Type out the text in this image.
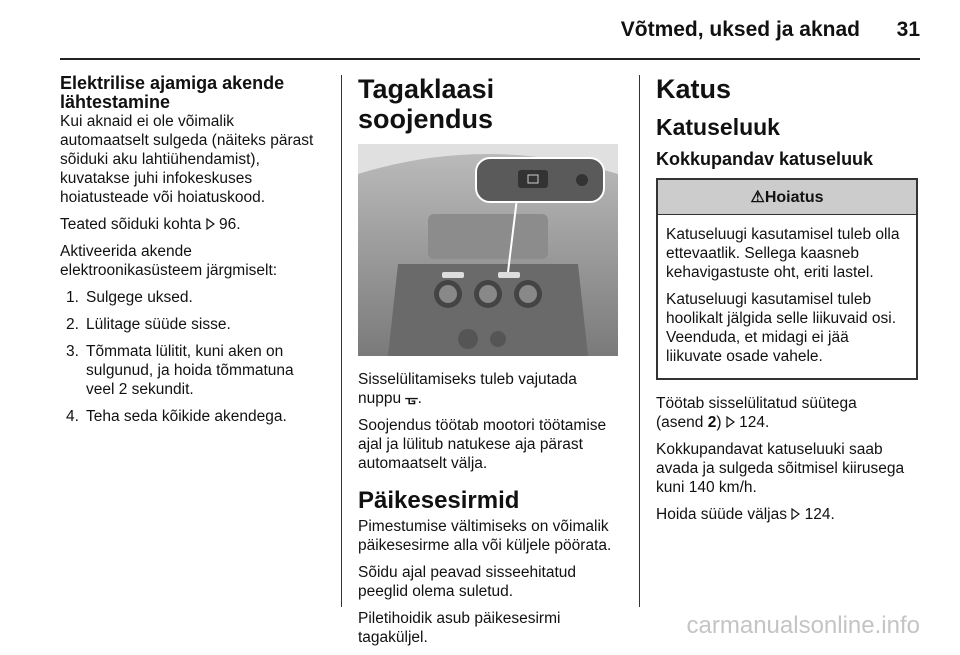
Võtmed, uksed ja aknad	31
Elektrilise ajamiga akende
lähtestamine

Kui aknaid ei ole võimalik
automaatselt sulgeda (näiteks pärast
sõiduki aku lahtiühendamist),
kuvatakse juhi infokeskuses
hoiatusteade või hoiatuskood.

Teated sõiduki kohta 96.

Aktiveerida akende
elektroonikasüsteem järgmiselt:

1. Sulgege uksed.
2. Lülitage süüde sisse.
3. Tõmmata lülitit, kuni aken on
sulgunud, ja hoida tõmmatuna
veel 2 sekundit.
4. Teha seda kõikide akendega.
Tagaklaasi soojendus

Sisselülitamiseks tuleb vajutada
nuppu ᚗ.

Soojendus töötab mootori töötamise
ajal ja lülitub natukese aja pärast
automaatselt välja.

Päikesesirmid

Pimestumise vältimiseks on võimalik
päikesesirme alla või küljele pöörata.

Sõidu ajal peavad sisseehitatud
peeglid olema suletud.

Piletihoidik asub päikesesirmi
tagaküljel.

Katus
Katuseluuk
Kokkupandav katuseluuk
⚠Hoiatus

Katuseluugi kasutamisel tuleb olla
ettevaatlik. Sellega kaasneb
kehavigastuste oht, eriti lastel.

Katuseluugi kasutamisel tuleb
hoolikalt jälgida selle liikuvaid osi.
Veenduda, et midagi ei jää
liikuvate osade vahele.

Töötab sisselülitatud süütega
(asend 2) 124.

Kokkupandavat katuseluuki saab
avada ja sulgeda sõitmisel kiirusega
kuni 140 km/h.

Hoida süüde väljas 124.

carmanualsonline.info
